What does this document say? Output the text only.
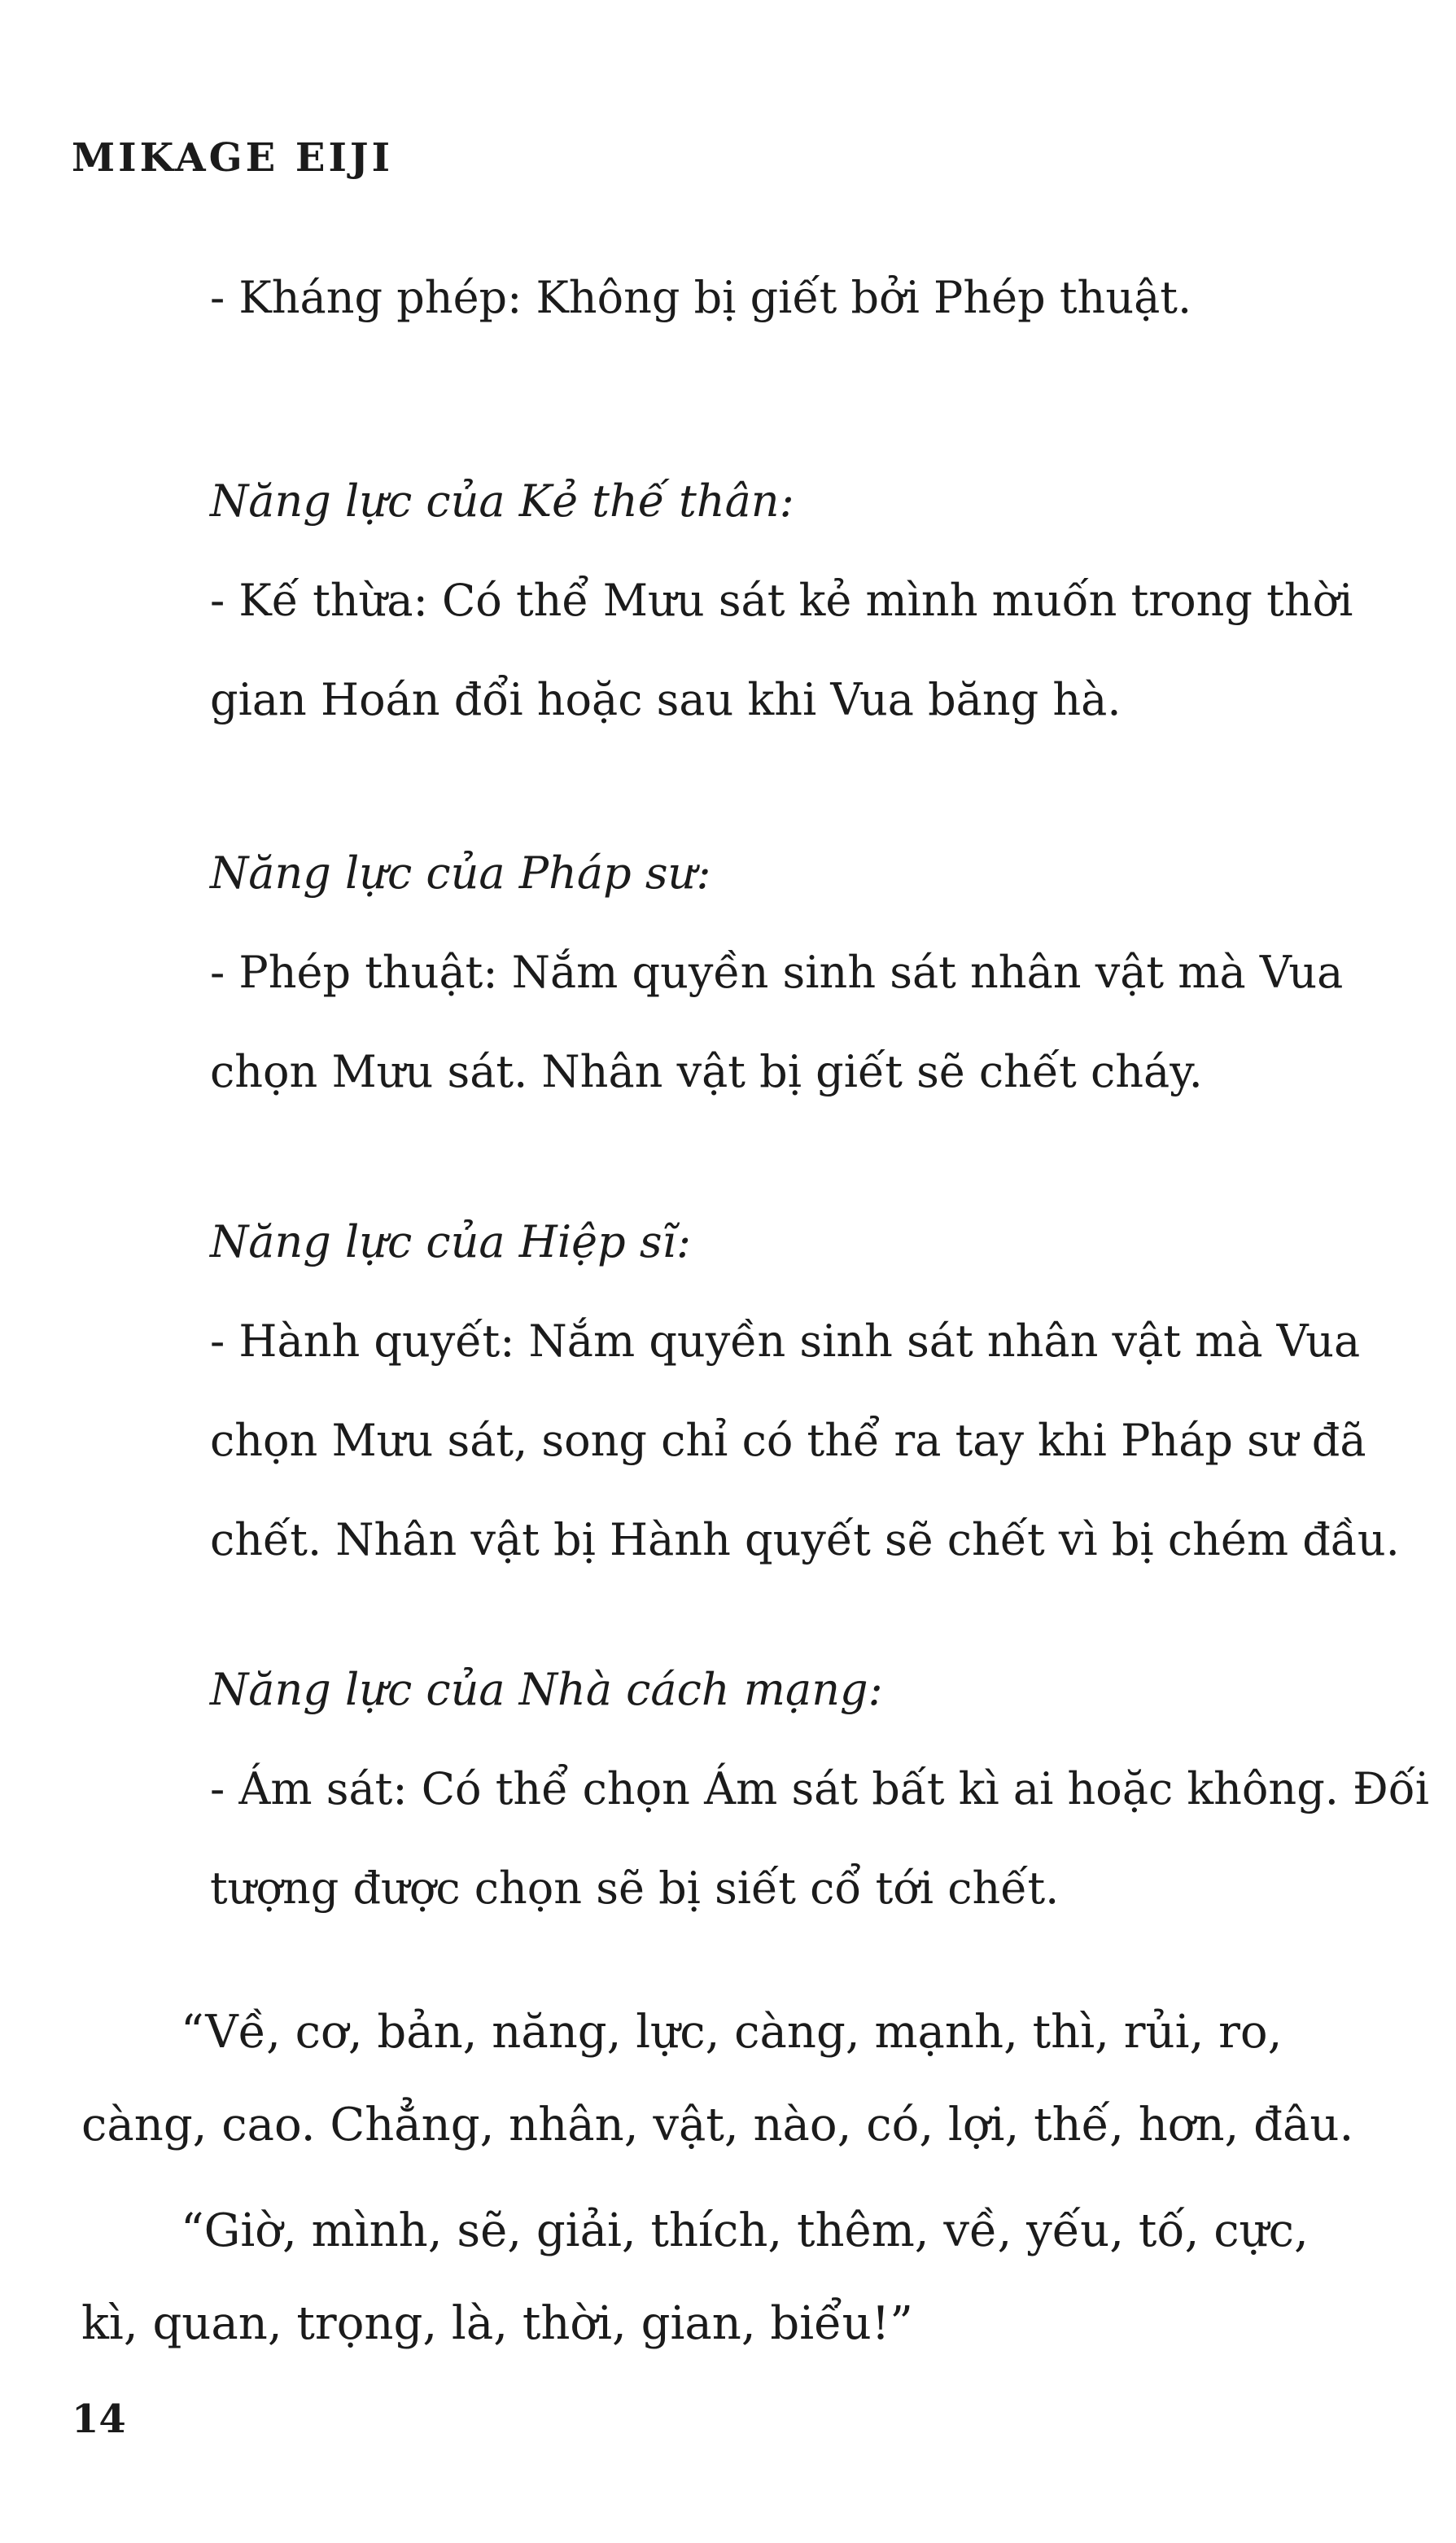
MIKAGE EIJI

- Kháng phép: Không bị giết bởi Phép thuật.

Năng lực của Kẻ thế thân:

- Kế thừa: Có thể Mưu sát kẻ mình muốn trong thời

gian Hoán đổi hoặc sau khi Vua băng hà.

Năng lực của Pháp sư:

- Phép thuật: Nắm quyền sinh sát nhân vật mà Vua

chọn Mưu sát. Nhân vật bị giết sẽ chết cháy.

Năng lực của Hiệp sĩ:

- Hành quyết: Nắm quyền sinh sát nhân vật mà Vua

chọn Mưu sát, song chỉ có thể ra tay khi Pháp sư đã

chết. Nhân vật bị Hành quyết sẽ chết vì bị chém đầu.

Năng lực của Nhà cách mạng:

- Ám sát: Có thể chọn Ám sát bất kì ai hoặc không. Đối

tượng được chọn sẽ bị siết cổ tới chết.

“Về, cơ, bản, năng, lực, càng, mạnh, thì, rủi, ro,
càng, cao. Chẳng, nhân, vật, nào, có, lợi, thế, hơn, đâu.

“Giờ, mình, sẽ, giải, thích, thêm, về, yếu, tố, cực,
kì, quan, trọng, là, thời, gian, biểu!”

14
